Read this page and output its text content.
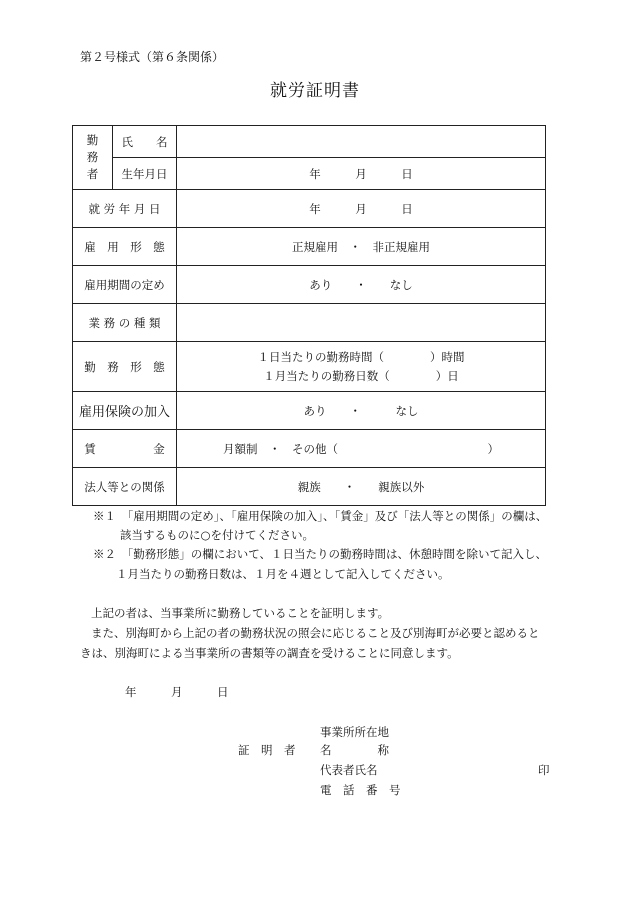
第２号様式（第６条関係）
就労証明書
勤
務
者	氏　　名	
	生年月日	年　　　月　　　日
就 労 年 月 日		年　　　月　　　日
雇　用　形　態		正規雇用　・　非正規雇用
雇用期間の定め		あり　　・　　なし
業 務 の 種 類		
勤　務　形　態		１日当たりの勤務時間（　　　　）時間
１月当たりの勤務日数（　　　　）日

雇用保険の加入		あり　　・　　　なし
賃　　　　　金		月額制　・　その他（　　　　　　　　　　　　　）
法人等との関係		親族　　・　　親族以外
※１　「雇用期間の定め」、「雇用保険の加入」、「賃金」及び「法人等との関係」の欄は、
該当するものに○を付けてください。
※２　「勤務形態」の欄において、１日当たりの勤務時間は、休憩時間を除いて記入し、
１月当たりの勤務日数は、１月を４週として記入してください。
上記の者は、当事業所に勤務していることを証明します。
また、別海町から上記の者の勤務状況の照会に応じること及び別海町が必要と認めると
きは、別海町による当事業所の書類等の調査を受けることに同意します。
年　　　月　　　日
証　明　者
事業所所在地
名　　　　称
代表者氏名	印
電　話　番　号
